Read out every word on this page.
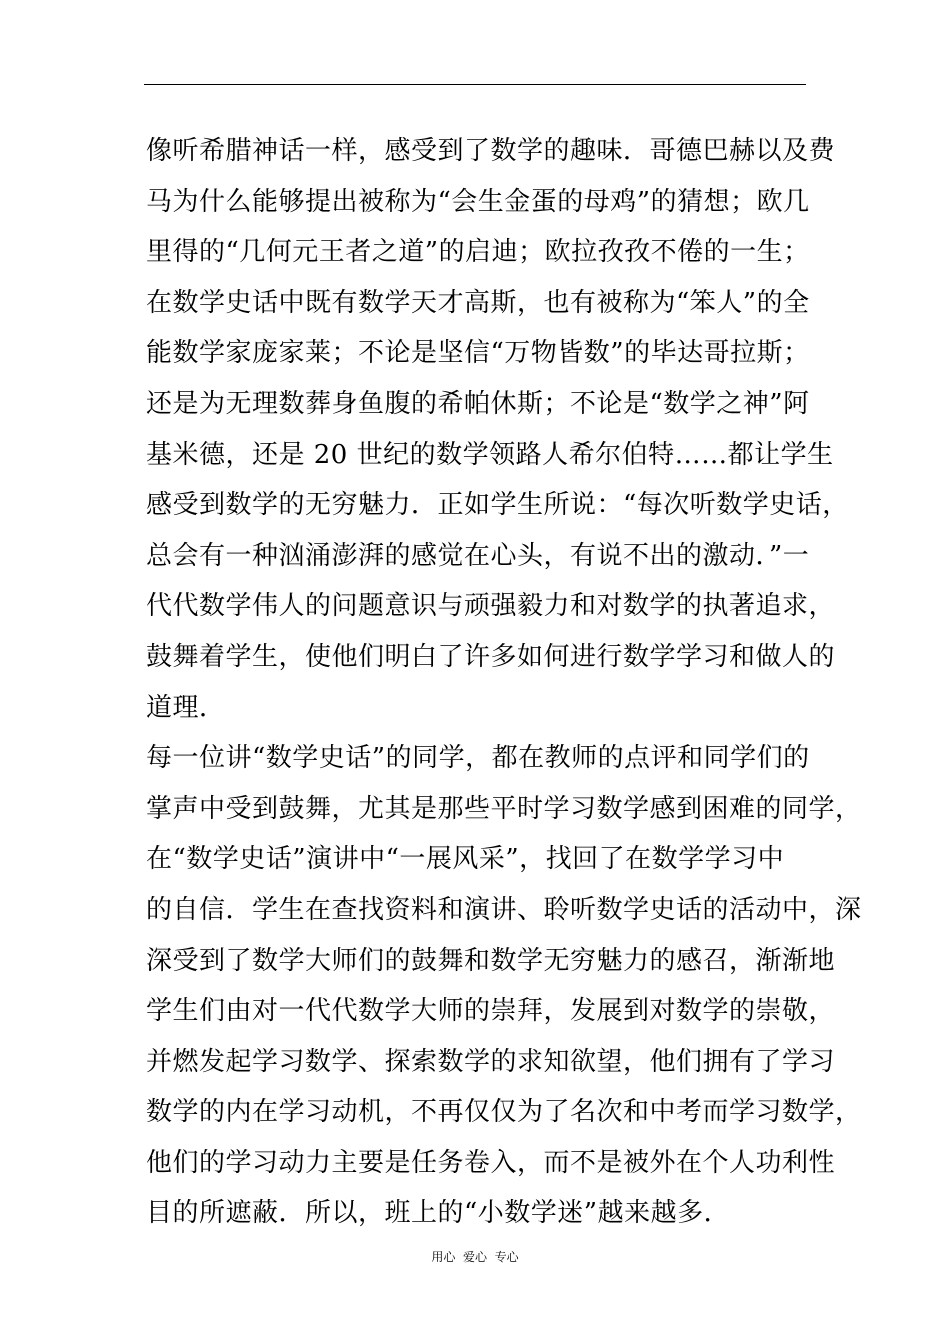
像听希腊神话一样，感受到了数学的趣味．哥德巴赫以及费
马为什么能够提出被称为“会生金蛋的母鸡”的猜想；欧几
里得的“几何元王者之道”的启迪；欧拉孜孜不倦的一生；
在数学史话中既有数学天才高斯，也有被称为“笨人”的全
能数学家庞家莱；不论是坚信“万物皆数”的毕达哥拉斯；
还是为无理数葬身鱼腹的希帕休斯；不论是“数学之神”阿
基米德，还是 20 世纪的数学领路人希尔伯特……都让学生
感受到数学的无穷魅力．正如学生所说：“每次听数学史话，
总会有一种汹涌澎湃的感觉在心头，有说不出的激动．”一
代代数学伟人的问题意识与顽强毅力和对数学的执著追求，
鼓舞着学生，使他们明白了许多如何进行数学学习和做人的
道理．
每一位讲“数学史话”的同学，都在教师的点评和同学们的
掌声中受到鼓舞，尤其是那些平时学习数学感到困难的同学，
在“数学史话”演讲中“一展风采”，找回了在数学学习中
的自信．学生在查找资料和演讲、聆听数学史话的活动中，深
深受到了数学大师们的鼓舞和数学无穷魅力的感召，渐渐地
学生们由对一代代数学大师的崇拜，发展到对数学的崇敬，
并燃发起学习数学、探索数学的求知欲望，他们拥有了学习
数学的内在学习动机，不再仅仅为了名次和中考而学习数学，
他们的学习动力主要是任务卷入，而不是被外在个人功利性
目的所遮蔽．所以，班上的“小数学迷”越来越多．
用心  爱心  专心
